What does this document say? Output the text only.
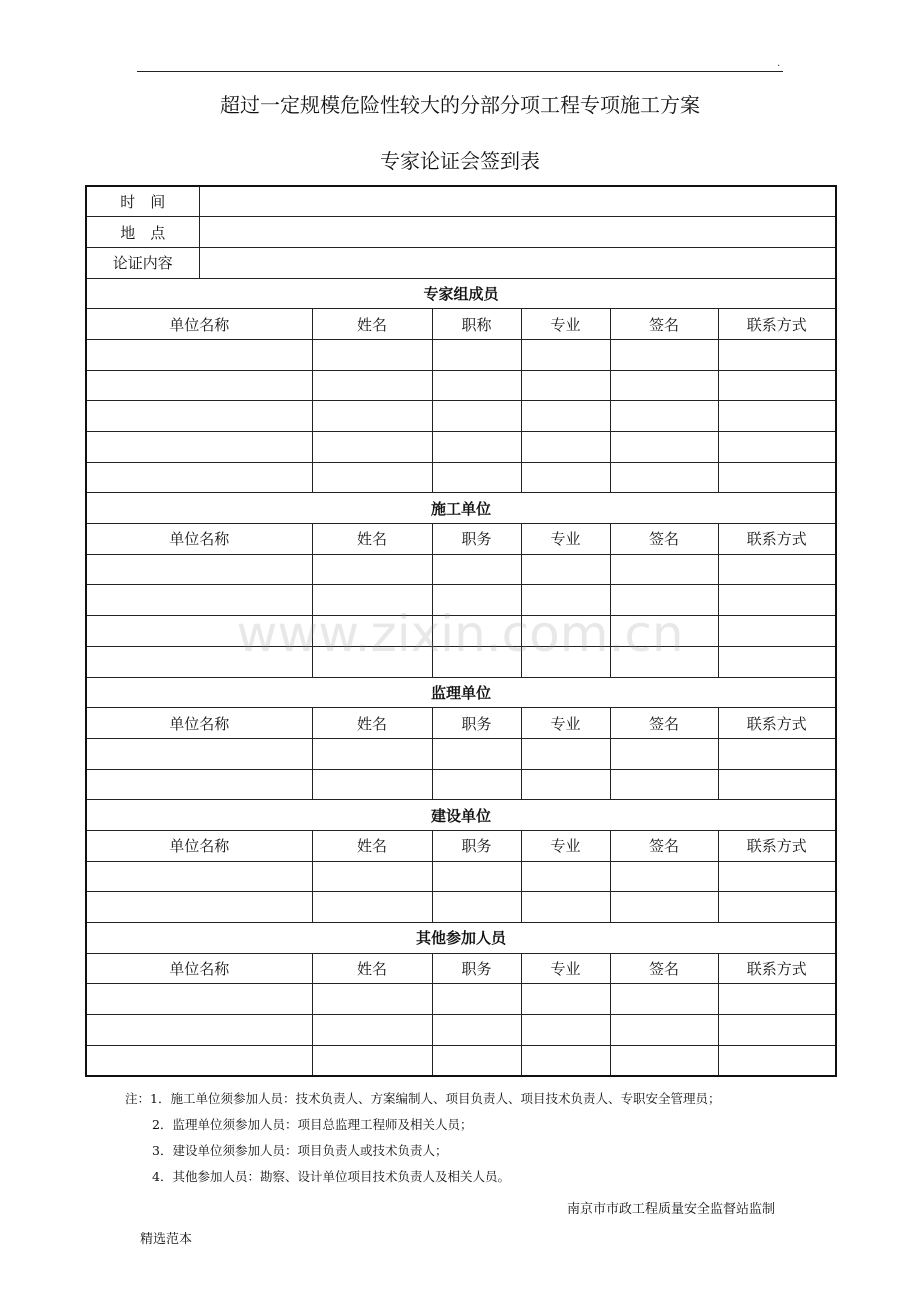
.
超过一定规模危险性较大的分部分项工程专项施工方案
专家论证会签到表
时　间						
地　点						
论证内容						
专家组成员						
单位名称		姓名	职称	专业	签名	联系方式

施工单位						
单位名称		姓名	职务	专业	签名	联系方式

监理单位						
单位名称		姓名	职务	专业	签名	联系方式

建设单位						
单位名称		姓名	职务	专业	签名	联系方式

其他参加人员						
单位名称		姓名	职务	专业	签名	联系方式

www.zixin.com.cn
注：1．施工单位须参加人员：技术负责人、方案编制人、项目负责人、项目技术负责人、专职安全管理员；
2．监理单位须参加人员：项目总监理工程师及相关人员；
3．建设单位须参加人员：项目负责人或技术负责人；
4．其他参加人员：勘察、设计单位项目技术负责人及相关人员。
南京市市政工程质量安全监督站监制
精选范本
